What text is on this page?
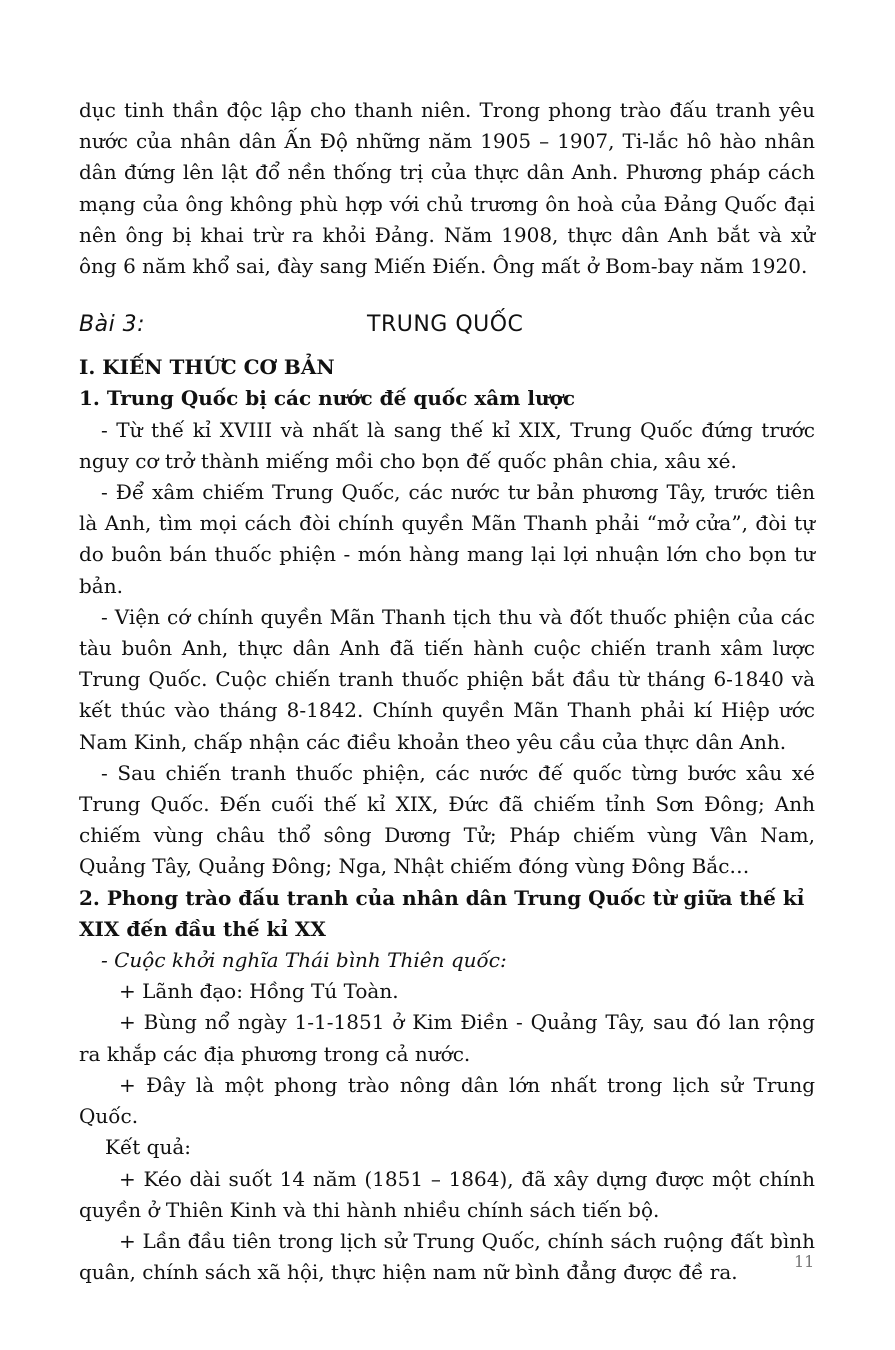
dục tinh thần độc lập cho thanh niên. Trong phong trào đấu tranh yêu nước của nhân dân Ấn Độ những năm 1905 – 1907, Ti-lắc hô hào nhân dân đứng lên lật đổ nền thống trị của thực dân Anh. Phương pháp cách mạng của ông không phù hợp với chủ trương ôn hoà của Đảng Quốc đại nên ông bị khai trừ ra khỏi Đảng. Năm 1908, thực dân Anh bắt và xử ông 6 năm khổ sai, đày sang Miến Điến. Ông mất ở Bom-bay năm 1920.

Bài 3:	TRUNG QUỐC

I. KIẾN THỨC CƠ BẢN

1. Trung Quốc bị các nước đế quốc xâm lược

- Từ thế kỉ XVIII và nhất là sang thế kỉ XIX, Trung Quốc đứng trước nguy cơ trở thành miếng mồi cho bọn đế quốc phân chia, xâu xé.

- Để xâm chiếm Trung Quốc, các nước tư bản phương Tây, trước tiên là Anh, tìm mọi cách đòi chính quyền Mãn Thanh phải “mở cửa”, đòi tự do buôn bán thuốc phiện - món hàng mang lại lợi nhuận lớn cho bọn tư bản.

- Viện cớ chính quyền Mãn Thanh tịch thu và đốt thuốc phiện của các tàu buôn Anh, thực dân Anh đã tiến hành cuộc chiến tranh xâm lược Trung Quốc. Cuộc chiến tranh thuốc phiện bắt đầu từ tháng 6-1840 và kết thúc vào tháng 8-1842. Chính quyền Mãn Thanh phải kí Hiệp ước Nam Kinh, chấp nhận các điều khoản theo yêu cầu của thực dân Anh.

- Sau chiến tranh thuốc phiện, các nước đế quốc từng bước xâu xé Trung Quốc. Đến cuối thế kỉ XIX, Đức đã chiếm tỉnh Sơn Đông; Anh chiếm vùng châu thổ sông Dương Tử; Pháp chiếm vùng Vân Nam, Quảng Tây, Quảng Đông; Nga, Nhật chiếm đóng vùng Đông Bắc…

2. Phong trào đấu tranh của nhân dân Trung Quốc từ giữa thế kỉ XIX đến đầu thế kỉ XX

- Cuộc khởi nghĩa Thái bình Thiên quốc:

+ Lãnh đạo: Hồng Tú Toàn.

+ Bùng nổ ngày 1-1-1851 ở Kim Điền - Quảng Tây, sau đó lan rộng ra khắp các địa phương trong cả nước.

+ Đây là một phong trào nông dân lớn nhất trong lịch sử Trung Quốc.

Kết quả:

+ Kéo dài suốt 14 năm (1851 – 1864), đã xây dựng được một chính quyền ở Thiên Kinh và thi hành nhiều chính sách tiến bộ.

+ Lần đầu tiên trong lịch sử Trung Quốc, chính sách ruộng đất bình quân, chính sách xã hội, thực hiện nam nữ bình đẳng được đề ra.	11
